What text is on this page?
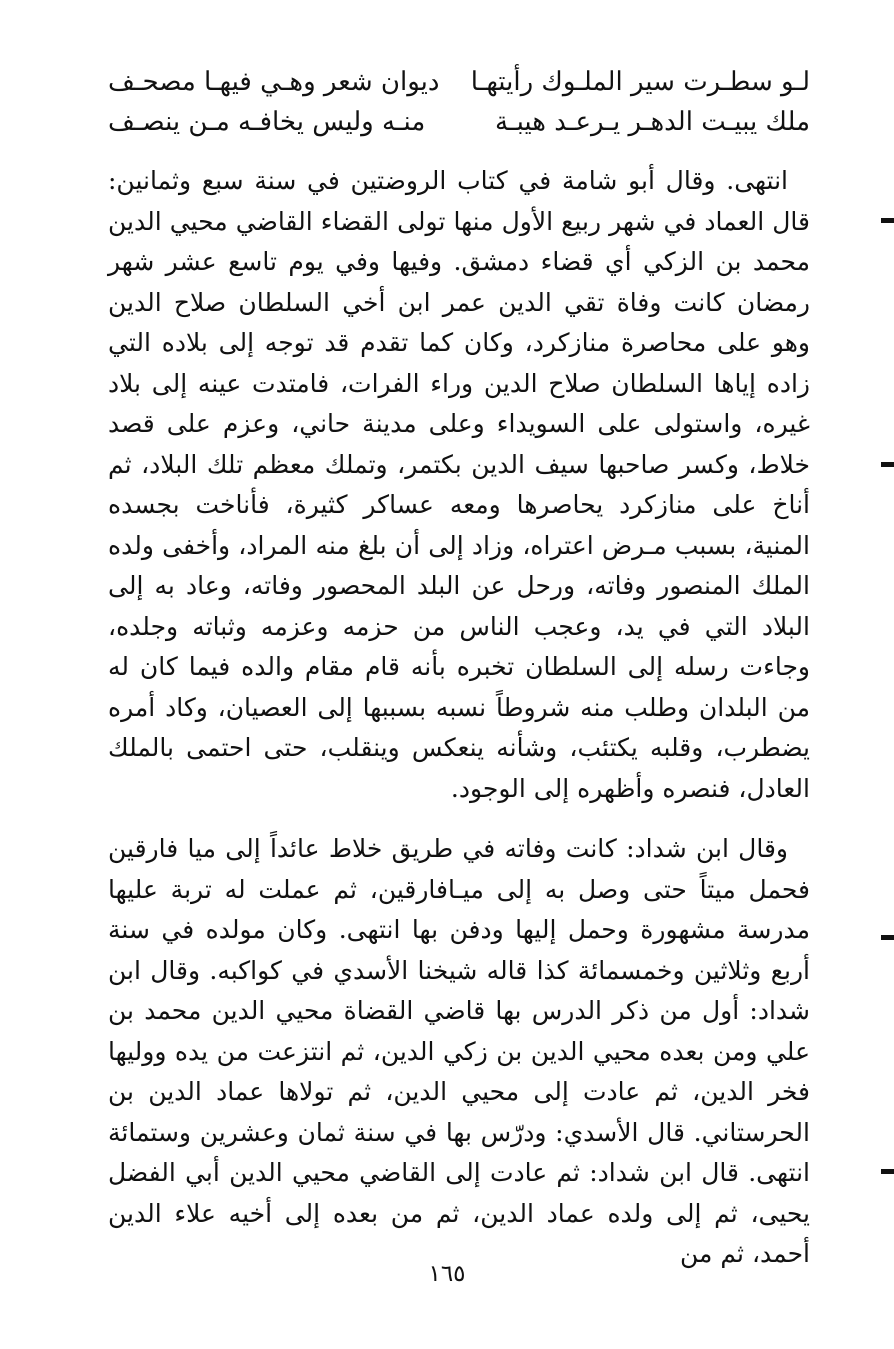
لـو سطـرت سير الملـوك رأيتهـا
ديوان شعر وهـي فيهـا مصحـف
ملك يبيـت الدهـر يـرعـد هيبـة
منـه وليس يخافـه مـن ينصـف

انتهى. وقال أبو شامة في كتاب الروضتين في سنة سبع وثمانين: قال العماد في شهر ربيع الأول منها تولى القضاء القاضي محيي الدين محمد بن الزكي أي قضاء دمشق. وفيها وفي يوم تاسع عشر شهر رمضان كانت وفاة تقي الدين عمر ابن أخي السلطان صلاح الدين وهو على محاصرة منازكرد، وكان كما تقدم قد توجه إلى بلاده التي زاده إياها السلطان صلاح الدين وراء الفرات، فامتدت عينه إلى بلاد غيره، واستولى على السويداء وعلى مدينة حاني، وعزم على قصد خلاط، وكسر صاحبها سيف الدين بكتمر، وتملك معظم تلك البلاد، ثم أناخ على منازكرد يحاصرها ومعه عساكر كثيرة، فأناخت بجسده المنية، بسبب مـرض اعتراه، وزاد إلى أن بلغ منه المراد، وأخفى ولده الملك المنصور وفاته، ورحل عن البلد المحصور وفاته، وعاد به إلى البلاد التي في يد، وعجب الناس من حزمه وعزمه وثباته وجلده، وجاءت رسله إلى السلطان تخبره بأنه قام مقام والده فيما كان له من البلدان وطلب منه شروطاً نسبه بسببها إلى العصيان، وكاد أمره يضطرب، وقلبه يكتئب، وشأنه ينعكس وينقلب، حتى احتمى بالملك العادل، فنصره وأظهره إلى الوجود.

وقال ابن شداد: كانت وفاته في طريق خلاط عائداً إلى ميا فارقين فحمل ميتاً حتى وصل به إلى ميـافارقين، ثم عملت له تربة عليها مدرسة مشهورة وحمل إليها ودفن بها انتهى. وكان مولده في سنة أربع وثلاثين وخمسمائة كذا قاله شيخنا الأسدي في كواكبه. وقال ابن شداد: أول من ذكر الدرس بها قاضي القضاة محيي الدين محمد بن علي ومن بعده محيي الدين بن زكي الدين، ثم انتزعت من يده ووليها فخر الدين، ثم عادت إلى محيي الدين، ثم تولاها عماد الدين بن الحرستاني. قال الأسدي: ودرّس بها في سنة ثمان وعشرين وستمائة انتهى. قال ابن شداد: ثم عادت إلى القاضي محيي الدين أبي الفضل يحيى، ثم إلى ولده عماد الدين، ثم من بعده إلى أخيه علاء الدين أحمد، ثم من

١٦٥
